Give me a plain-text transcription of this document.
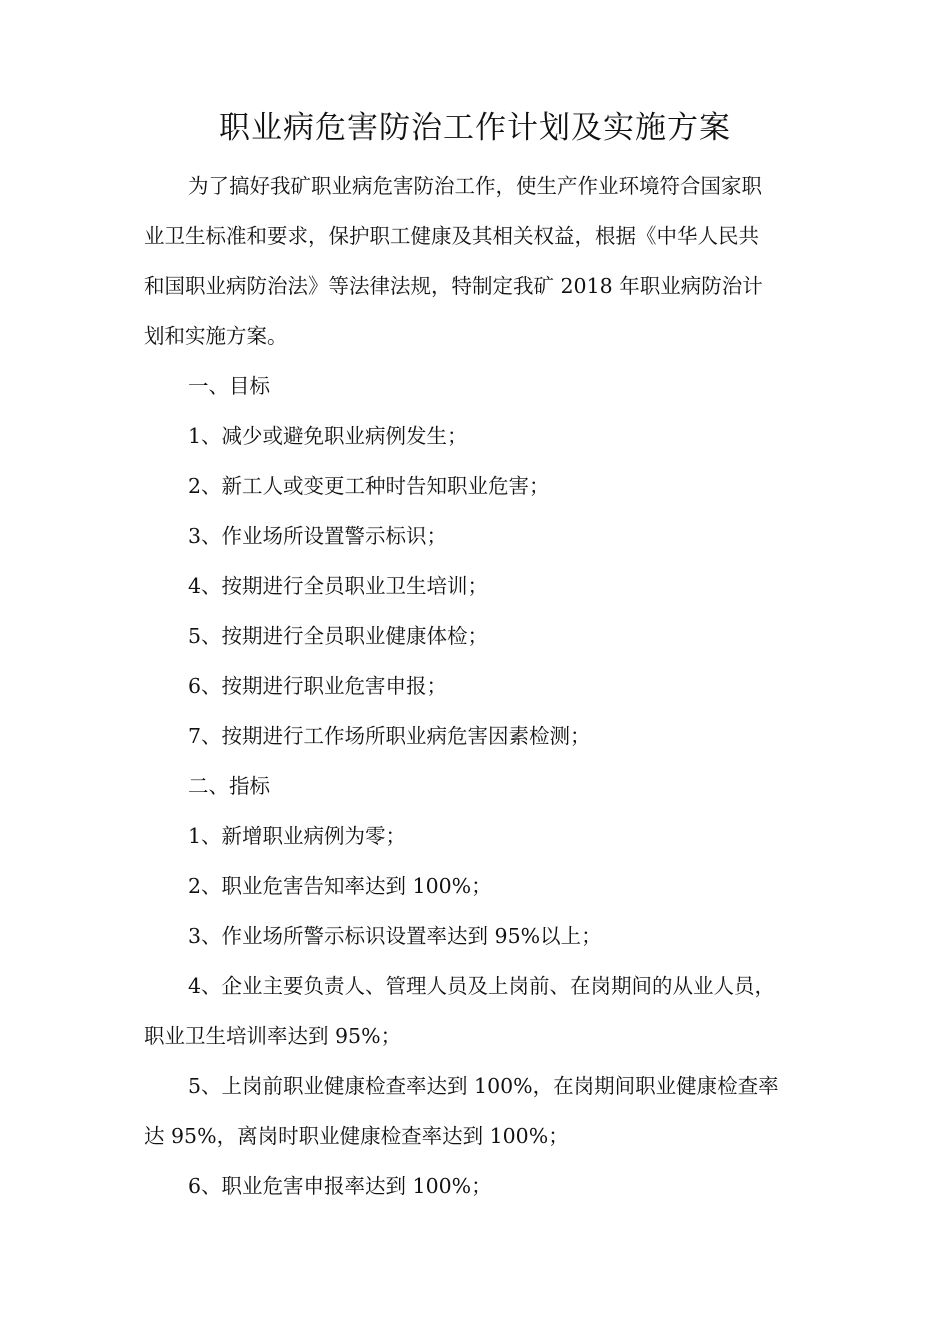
职业病危害防治工作计划及实施方案
为了搞好我矿职业病危害防治工作，使生产作业环境符合国家职
业卫生标准和要求，保护职工健康及其相关权益，根据《中华人民共
和国职业病防治法》等法律法规，特制定我矿 2018 年职业病防治计
划和实施方案。
一、目标
1、减少或避免职业病例发生；
2、新工人或变更工种时告知职业危害；
3、作业场所设置警示标识；
4、按期进行全员职业卫生培训；
5、按期进行全员职业健康体检；
6、按期进行职业危害申报；
7、按期进行工作场所职业病危害因素检测；
二、指标
1、新增职业病例为零；
2、职业危害告知率达到 100%；
3、作业场所警示标识设置率达到 95%以上；
4、企业主要负责人、管理人员及上岗前、在岗期间的从业人员，
职业卫生培训率达到 95%；
5、上岗前职业健康检查率达到 100%，在岗期间职业健康检查率
达 95%，离岗时职业健康检查率达到 100%；
6、职业危害申报率达到 100%；
